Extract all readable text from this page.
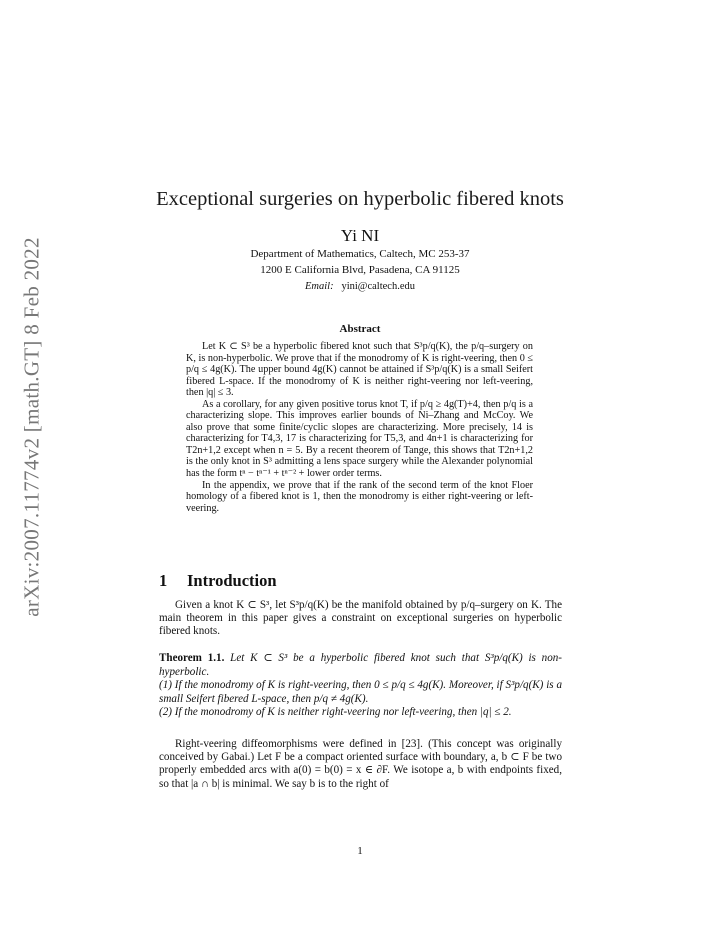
arXiv:2007.11774v2 [math.GT] 8 Feb 2022
Exceptional surgeries on hyperbolic fibered knots
Yi NI
Department of Mathematics, Caltech, MC 253-37
1200 E California Blvd, Pasadena, CA 91125
Email: yini@caltech.edu
Abstract

Let K ⊂ S³ be a hyperbolic fibered knot such that S³p/q(K), the p/q–surgery on K, is non-hyperbolic. We prove that if the monodromy of K is right-veering, then 0 ≤ p/q ≤ 4g(K). The upper bound 4g(K) cannot be attained if S³p/q(K) is a small Seifert fibered L-space. If the monodromy of K is neither right-veering nor left-veering, then |q| ≤ 3.

As a corollary, for any given positive torus knot T, if p/q ≥ 4g(T)+4, then p/q is a characterizing slope. This improves earlier bounds of Ni–Zhang and McCoy. We also prove that some finite/cyclic slopes are characterizing. More precisely, 14 is characterizing for T4,3, 17 is characterizing for T5,3, and 4n+1 is characterizing for T2n+1,2 except when n = 5. By a recent theorem of Tange, this shows that T2n+1,2 is the only knot in S³ admitting a lens space surgery while the Alexander polynomial has the form tⁿ − tⁿ⁻¹ + tⁿ⁻² + lower order terms.

In the appendix, we prove that if the rank of the second term of the knot Floer homology of a fibered knot is 1, then the monodromy is either right-veering or left-veering.

1 Introduction

Given a knot K ⊂ S³, let S³p/q(K) be the manifold obtained by p/q–surgery on K. The main theorem in this paper gives a constraint on exceptional surgeries on hyperbolic fibered knots.

Theorem 1.1. Let K ⊂ S³ be a hyperbolic fibered knot such that S³p/q(K) is non-hyperbolic.
(1) If the monodromy of K is right-veering, then 0 ≤ p/q ≤ 4g(K). Moreover, if S³p/q(K) is a small Seifert fibered L-space, then p/q ≠ 4g(K).
(2) If the monodromy of K is neither right-veering nor left-veering, then |q| ≤ 2.

Right-veering diffeomorphisms were defined in [23]. (This concept was originally conceived by Gabai.) Let F be a compact oriented surface with boundary, a, b ⊂ F be two properly embedded arcs with a(0) = b(0) = x ∈ ∂F. We isotope a, b with endpoints fixed, so that |a ∩ b| is minimal. We say b is to the right of

1
